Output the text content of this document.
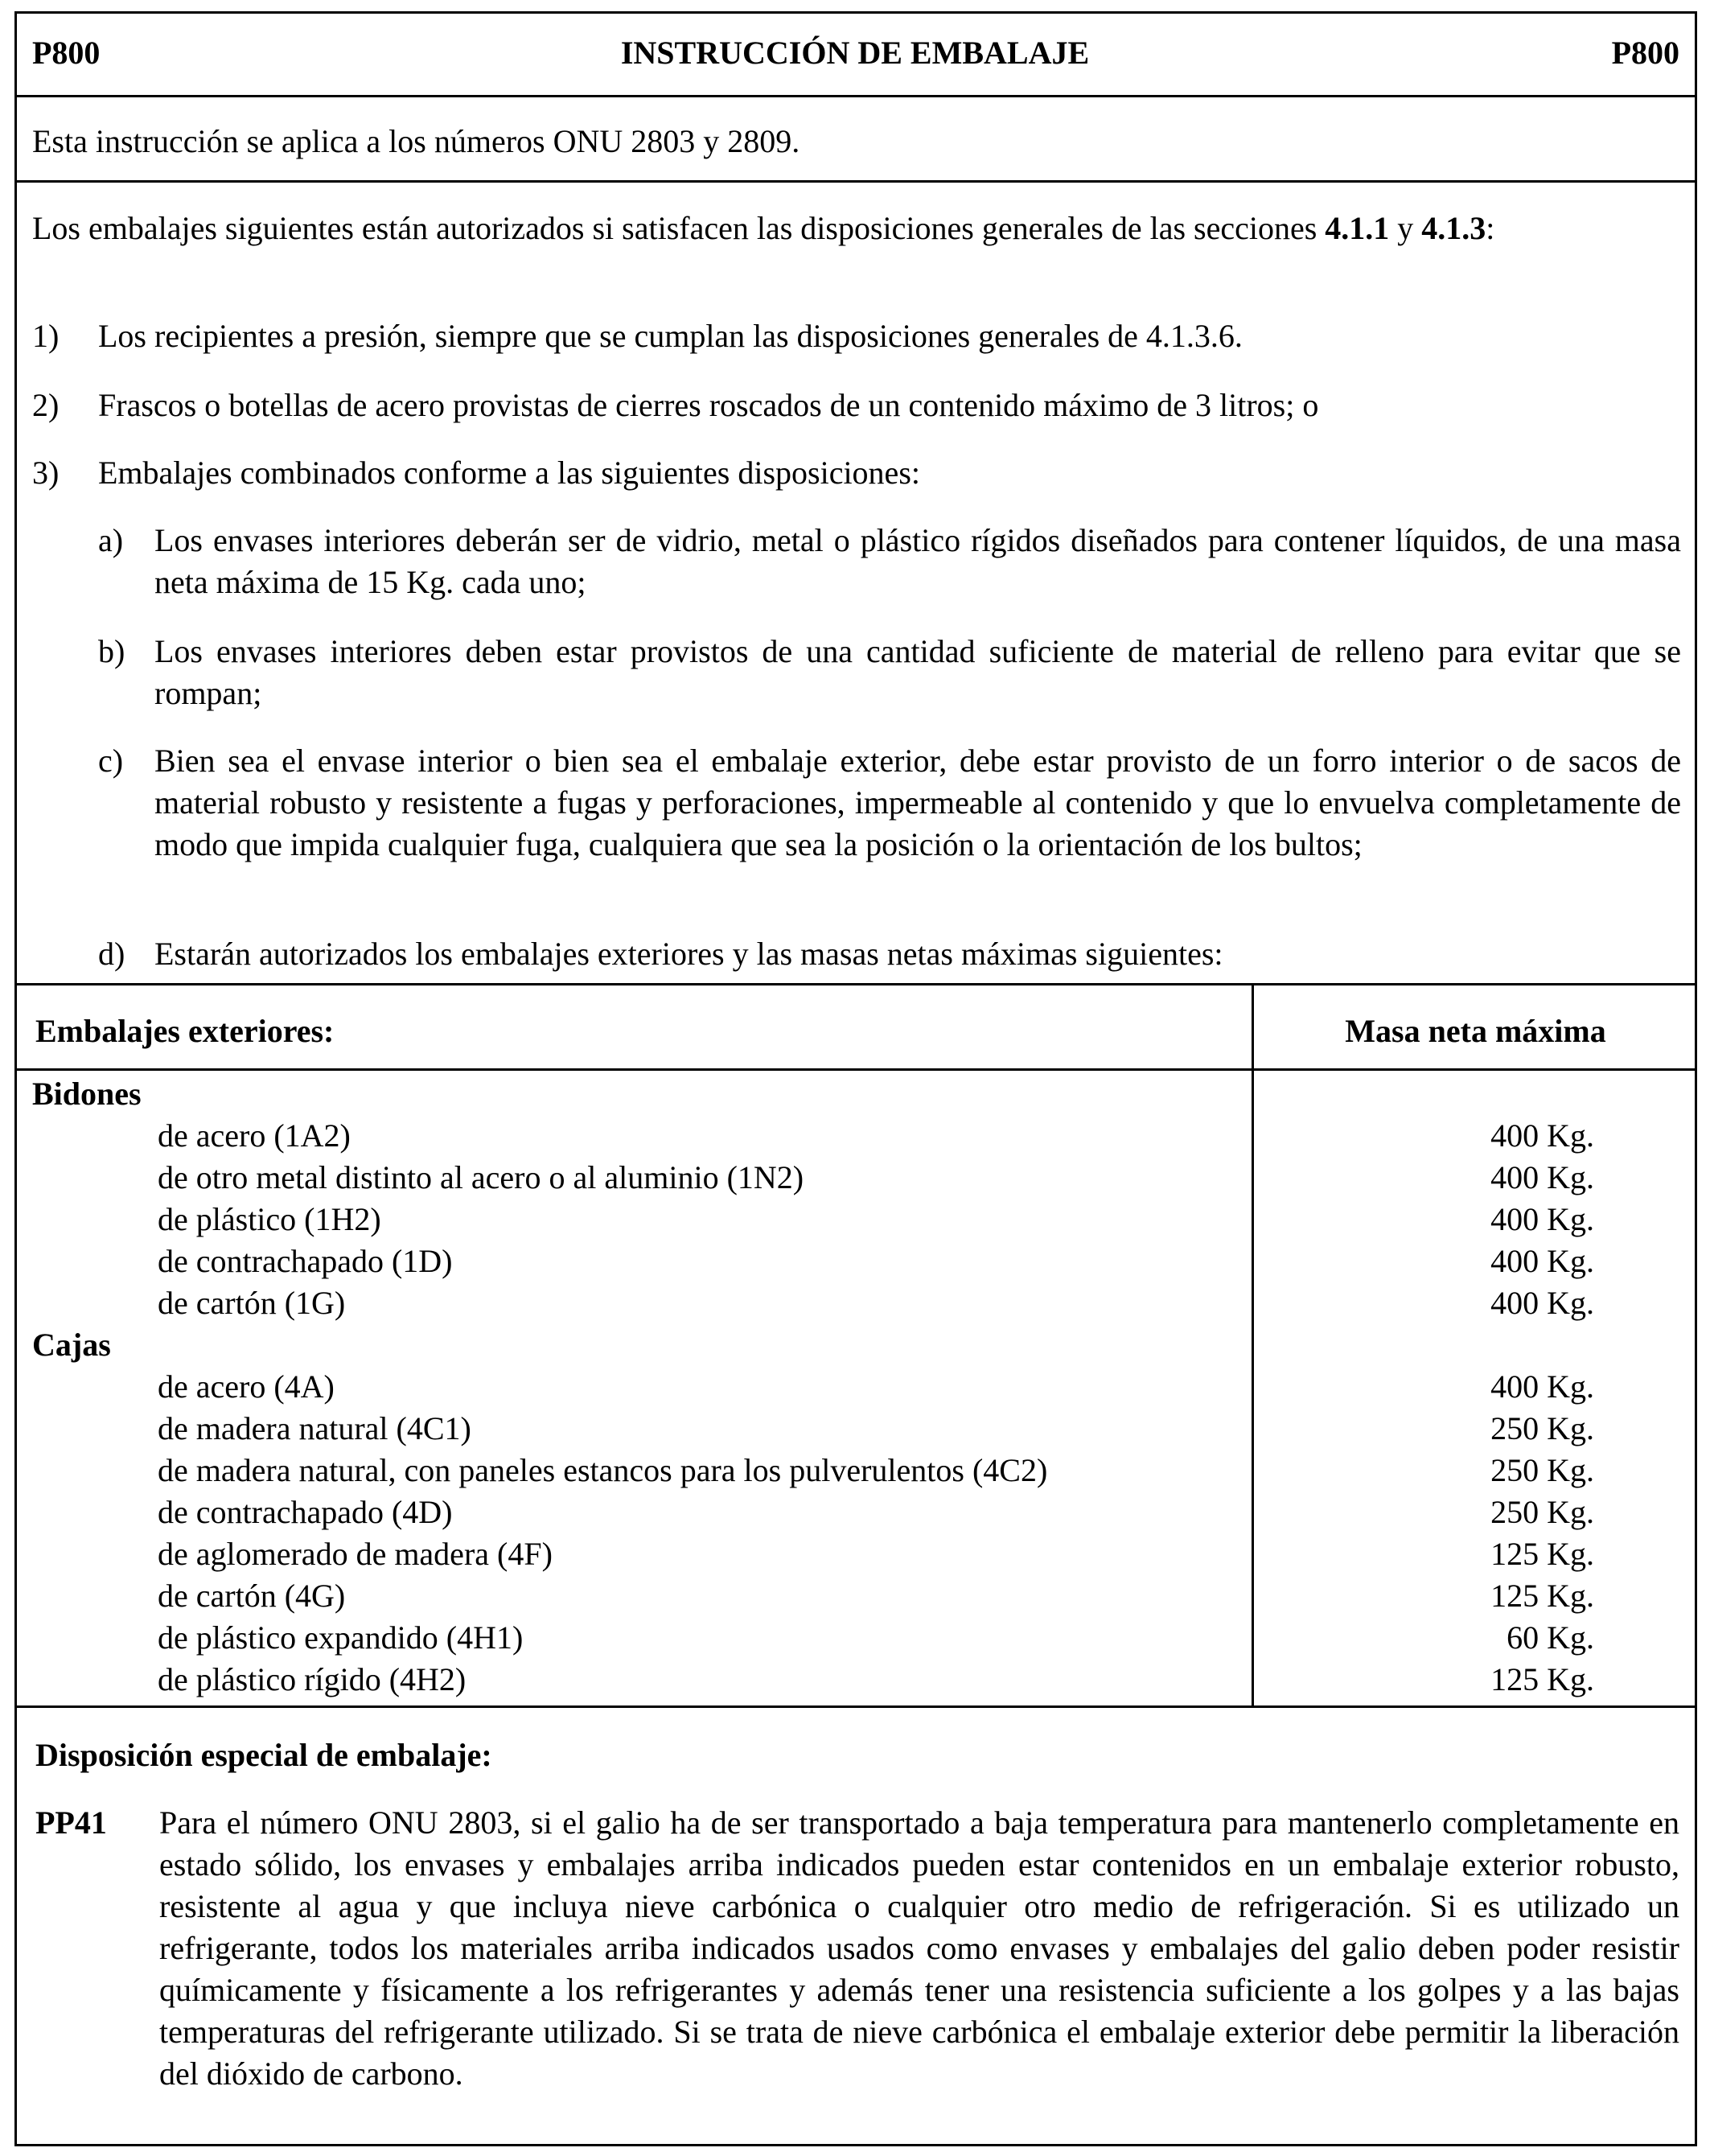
P800	INSTRUCCIÓN DE EMBALAJE	P800
Esta instrucción se aplica a los números ONU 2803 y 2809.
Los embalajes siguientes están autorizados si satisfacen las disposiciones generales de las secciones 4.1.1 y 4.1.3:
1) Los recipientes a presión, siempre que se cumplan las disposiciones generales de 4.1.3.6.
2) Frascos o botellas de acero provistas de cierres roscados de un contenido máximo de 3 litros; o
3) Embalajes combinados conforme a las siguientes disposiciones:
a) Los envases interiores deberán ser de vidrio, metal o plástico rígidos diseñados para contener líquidos, de una masa neta máxima de 15 Kg. cada uno;
b) Los envases interiores deben estar provistos de una cantidad suficiente de material de relleno para evitar que se rompan;
c) Bien sea el envase interior o bien sea el embalaje exterior, debe estar provisto de un forro interior o de sacos de material robusto y resistente a fugas y perforaciones, impermeable al contenido y que lo envuelva completamente de modo que impida cualquier fuga, cualquiera que sea la posición o la orientación de los bultos;
d) Estarán autorizados los embalajes exteriores y las masas netas máximas siguientes:
Embalajes exteriores:	Masa neta máxima
Bidones
de acero (1A2)	400 Kg.
de otro metal distinto al acero o al aluminio (1N2)	400 Kg.
de plástico (1H2)	400 Kg.
de contrachapado (1D)	400 Kg.
de cartón (1G)	400 Kg.
Cajas
de acero (4A)	400 Kg.
de madera natural (4C1)	250 Kg.
de madera natural, con paneles estancos para los pulverulentos (4C2)	250 Kg.
de contrachapado (4D)	250 Kg.
de aglomerado de madera (4F)	125 Kg.
de cartón (4G)	125 Kg.
de plástico expandido (4H1)	60 Kg.
de plástico rígido (4H2)	125 Kg.
Disposición especial de embalaje:
PP41 Para el número ONU 2803, si el galio ha de ser transportado a baja temperatura para mantenerlo completamente en estado sólido, los envases y embalajes arriba indicados pueden estar contenidos en un embalaje exterior robusto, resistente al agua y que incluya nieve carbónica o cualquier otro medio de refrigeración. Si es utilizado un refrigerante, todos los materiales arriba indicados usados como envases y embalajes del galio deben poder resistir químicamente y físicamente a los refrigerantes y además tener una resistencia suficiente a los golpes y a las bajas temperaturas del refrigerante utilizado. Si se trata de nieve carbónica el embalaje exterior debe permitir la liberación del dióxido de carbono.
